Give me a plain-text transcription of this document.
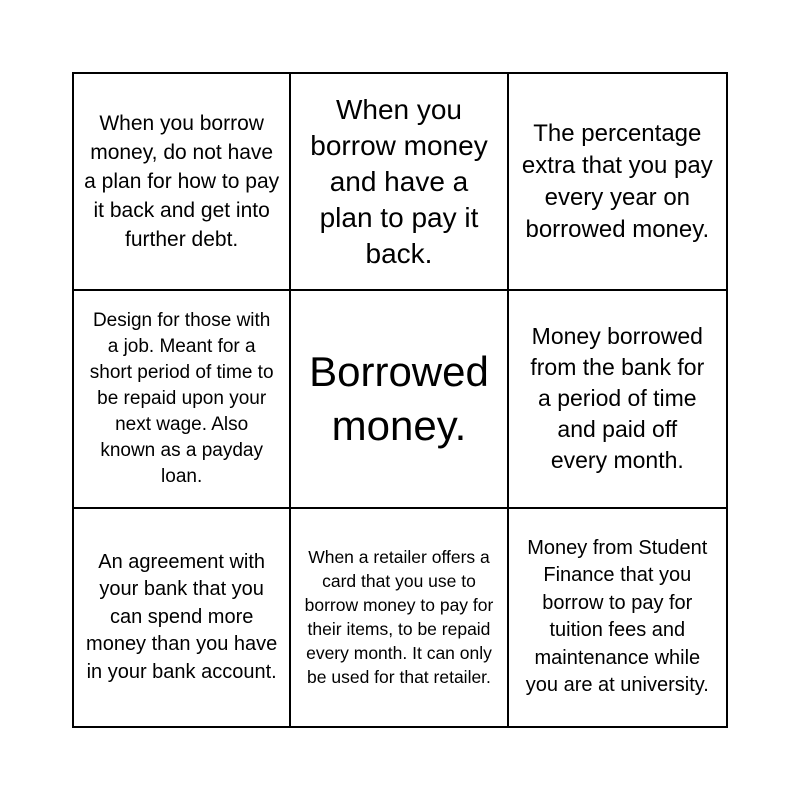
When you borrow money, do not have a plan for how to pay it back and get into further debt.
When you borrow money and have a plan to pay it back.
The percentage extra that you pay every year on borrowed money.
Design for those with a job. Meant for a short period of time to be repaid upon your next wage. Also known as a payday loan.
Borrowed money.
Money borrowed from the bank for a period of time and paid off every month.
An agreement with your bank that you can spend more money than you have in your bank account.
When a retailer offers a card that you use to borrow money to pay for their items, to be repaid every month. It can only be used for that retailer.
Money from Student Finance that you borrow to pay for tuition fees and maintenance while you are at university.
